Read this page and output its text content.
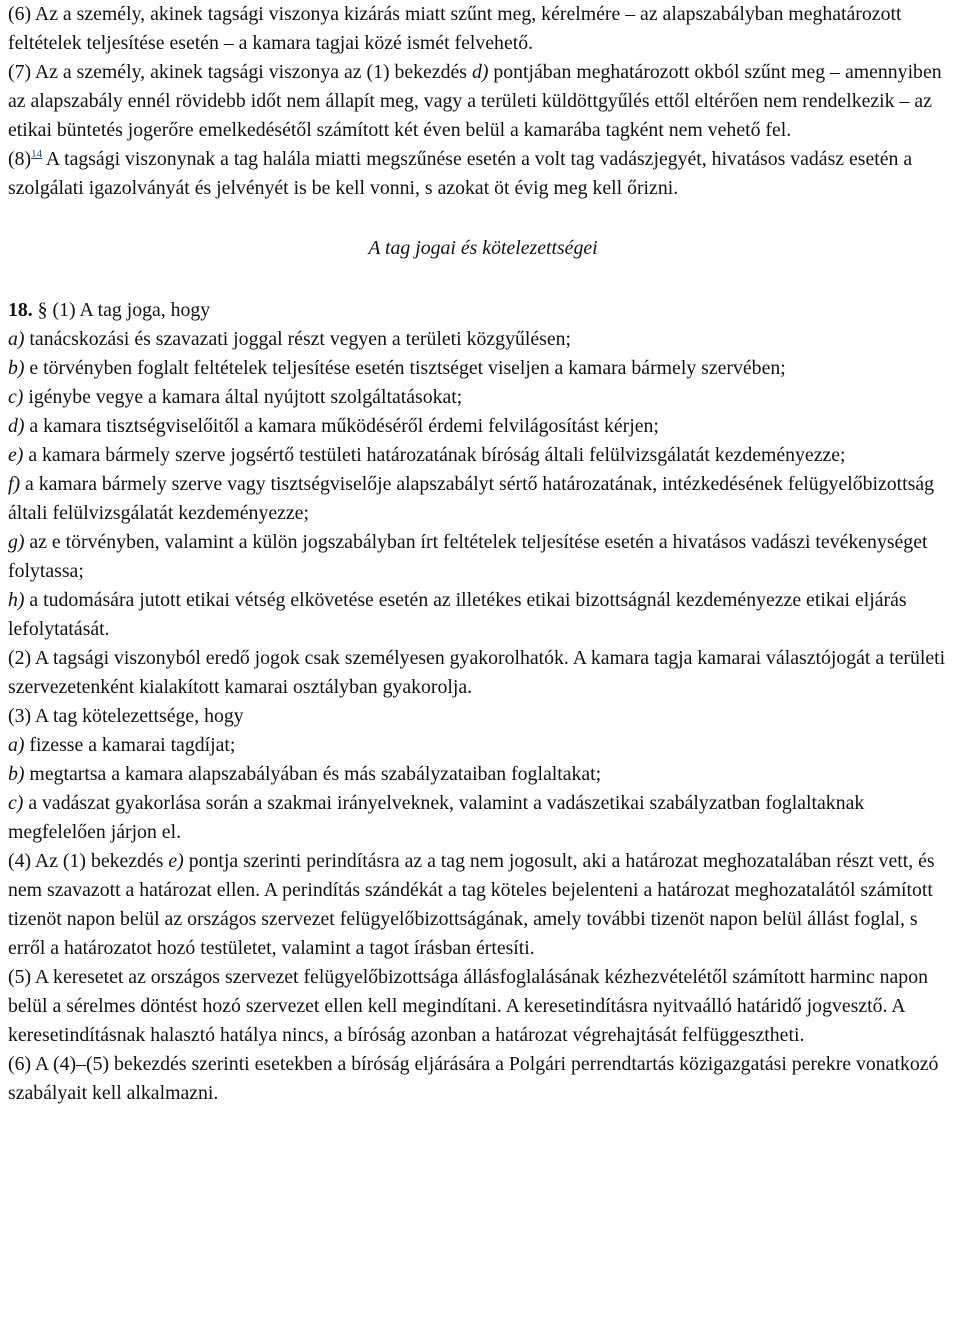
(6) Az a személy, akinek tagsági viszonya kizárás miatt szűnt meg, kérelmére – az alapszabályban meghatározott feltételek teljesítése esetén – a kamara tagjai közé ismét felvehető.

(7) Az a személy, akinek tagsági viszonya az (1) bekezdés d) pontjában meghatározott okból szűnt meg – amennyiben az alapszabály ennél rövidebb időt nem állapít meg, vagy a területi küldöttgyűlés ettől eltérően nem rendelkezik – az etikai büntetés jogerőre emelkedésétől számított két éven belül a kamarába tagként nem vehető fel.

$(8)^{14}$ A tagsági viszonynak a tag halála miatti megszűnése esetén a volt tag vadászjegyét, hivatásos vadász esetén a szolgálati igazolványát és jelvényét is be kell vonni, s azokat öt évig meg kell őrizni.

A tag jogai és kötelezettségei

18. § (1) A tag joga, hogy

a) tanácskozási és szavazati joggal részt vegyen a területi közgyűlésen;

b) e törvényben foglalt feltételek teljesítése esetén tisztséget viseljen a kamara bármely szervében;

c) igénybe vegye a kamara által nyújtott szolgáltatásokat;

d) a kamara tisztségviselőitől a kamara működéséről érdemi felvilágosítást kérjen;

e) a kamara bármely szerve jogsértő testületi határozatának bíróság általi felülvizsgálatát kezdeményezze;

f) a kamara bármely szerve vagy tisztségviselője alapszabályt sértő határozatának, intézkedésének felügyelőbizottság általi felülvizsgálatát kezdeményezze;

g) az e törvényben, valamint a külön jogszabályban írt feltételek teljesítése esetén a hivatásos vadászi tevékenységet folytassa;

h) a tudomására jutott etikai vétség elkövetése esetén az illetékes etikai bizottságnál kezdeményezze etikai eljárás lefolytatását.

(2) A tagsági viszonyból eredő jogok csak személyesen gyakorolhatók. A kamara tagja kamarai választójogát a területi szervezetenként kialakított kamarai osztályban gyakorolja.

(3) A tag kötelezettsége, hogy

a) fizesse a kamarai tagdíjat;

b) megtartsa a kamara alapszabályában és más szabályzataiban foglaltakat;

c) a vadászat gyakorlása során a szakmai irányelveknek, valamint a vadászetikai szabályzatban foglaltaknak megfelelően járjon el.

(4) Az (1) bekezdés e) pontja szerinti perindításra az a tag nem jogosult, aki a határozat meghozatalában részt vett, és nem szavazott a határozat ellen. A perindítás szándékát a tag köteles bejelenteni a határozat meghozatalától számított tizenöt napon belül az országos szervezet felügyelőbizottságának, amely további tizenöt napon belül állást foglal, s erről a határozatot hozó testületet, valamint a tagot írásban értesíti.

(5) A keresetet az országos szervezet felügyelőbizottsága állásfoglalásának kézhezvételétől számított harminc napon belül a sérelmes döntést hozó szervezet ellen kell megindítani. A keresetindításra nyitvaálló határidő jogvesztő. A keresetindításnak halasztó hatálya nincs, a bíróság azonban a határozat végrehajtását felfüggesztheti.

(6) A (4)–(5) bekezdés szerinti esetekben a bíróság eljárására a Polgári perrendtartás közigazgatási perekre vonatkozó szabályait kell alkalmazni.
